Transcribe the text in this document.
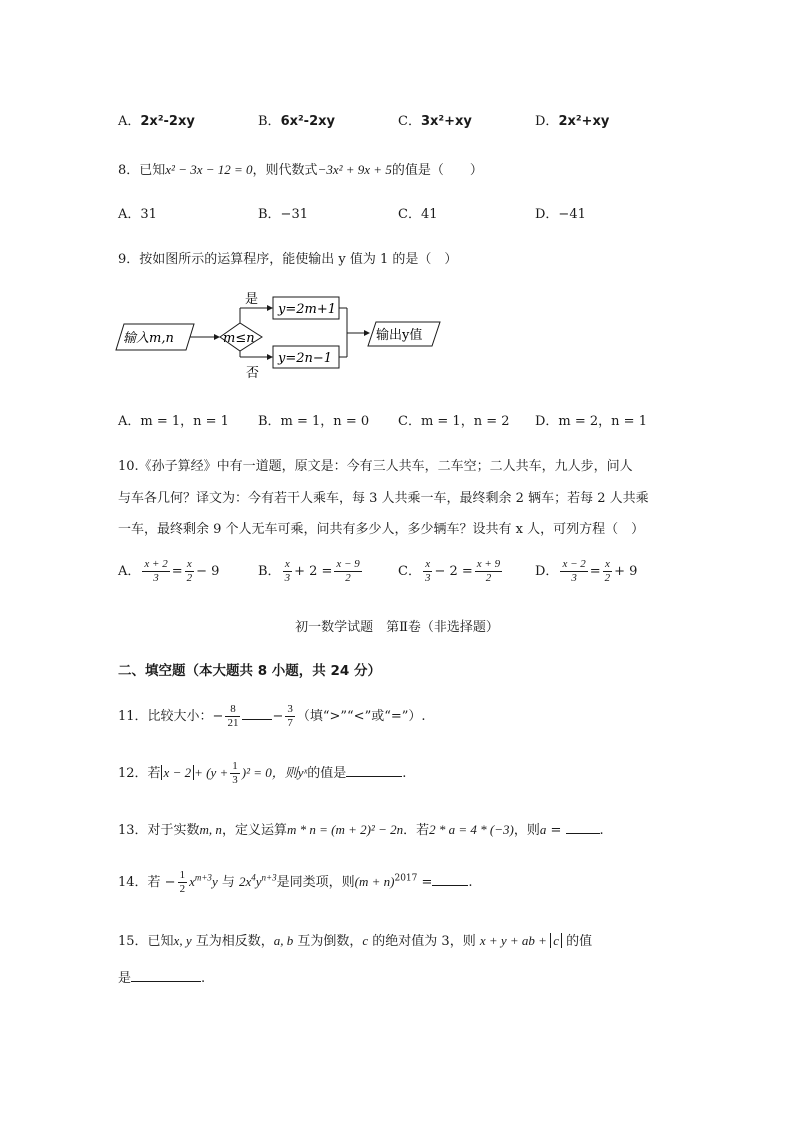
A．2x²-2xy	B．6x²-2xy	C．3x²+xy	D．2x²+xy
8．已知x² − 3x − 12 = 0，则代数式−3x² + 9x + 5的值是（　　）
A．31	B．−31	C．41	D．−41
9．按如图所示的运算程序，能使输出 y 值为 1 的是（　）
输入m,n	m≤n
是
否
y=2m+1
y=2n−1
输出y值
A．m = 1，n = 1 B．m = 1，n = 0 C．m = 1，n = 2 D．m = 2，n = 1
10.《孙子算经》中有一道题，原文是：今有三人共车，二车空；二人共车，九人步，问人
与车各几何？译文为：今有若干人乘车，每 3 人共乘一车，最终剩余 2 辆车；若每 2 人共乘
一车，最终剩余 9 个人无车可乘，问共有多少人，多少辆车？设共有 x 人，可列方程（　）
A． $\frac{x + 2}{3} = \frac{x}{2} - 9$	B． $\frac{x}{3} + 2 = \frac{x - 9}{2}$	C． $\frac{x}{3} - 2 = \frac{x + 9}{2}$	D． $\frac{x - 2}{3} = \frac{x}{2} + 9$
初一数学试题　第Ⅱ卷（非选择题）
二、填空题（本大题共 8 小题，共 24 分）
11．比较大小：− $\frac{8}{21} - \frac{3}{7}$ （填“>”“<”或“=”）.
12．若 $x - 2 + (y + \frac{1}{3} )^2 = 0$，则yˣ的值是	.
13．对于实数m, n，定义运算m * n = (m + 2)² − 2n．若2 * a = 4 * (−3)，则a =	.
14．若 − $\frac{1}{2} x^{m+3}y$ 与 $2x^4y^{n+3}$是同类项，则$(m + n)^{2017}$ =	.
15．已知x, y 互为相反数，a, b 互为倒数，c 的绝对值为 3，则 x + y + ab + c 的值
是	.
